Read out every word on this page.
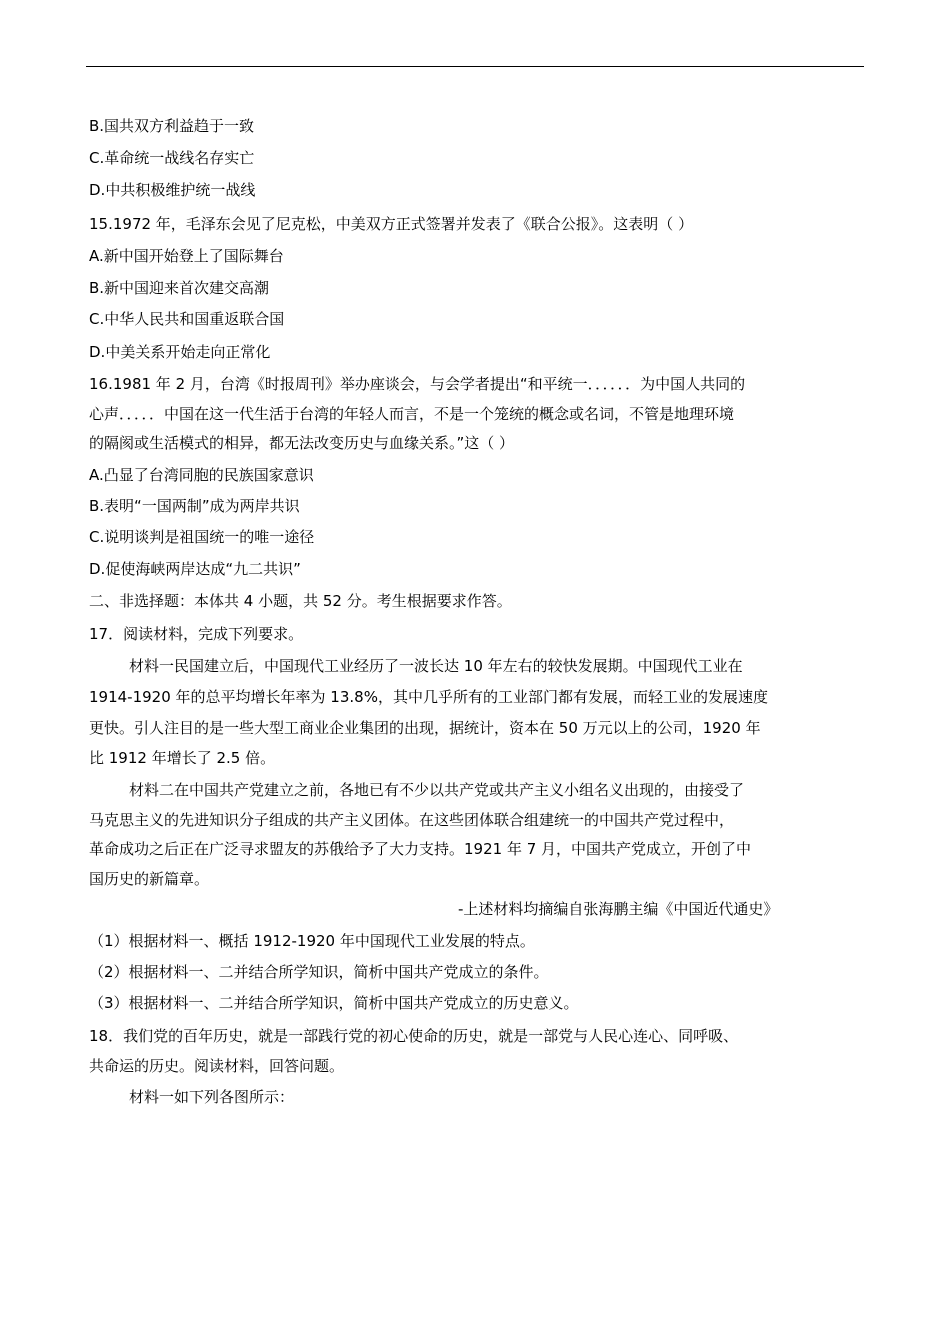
B.国共双方利益趋于一致
C.革命统一战线名存实亡
D.中共积极维护统一战线
15.1972 年，毛泽东会见了尼克松，中美双方正式签署并发表了《联合公报》。这表明（ ）
A.新中国开始登上了国际舞台
B.新中国迎来首次建交高潮
C.中华人民共和国重返联合国
D.中美关系开始走向正常化
16.1981 年 2 月，台湾《时报周刊》举办座谈会，与会学者提出“和平统一．．．．．．为中国人共同的
心声．．．．．中国在这一代生活于台湾的年轻人而言，不是一个笼统的概念或名词，不管是地理环境
的隔阂或生活模式的相异，都无法改变历史与血缘关系。”这（ ）
A.凸显了台湾同胞的民族国家意识
B.表明“一国两制”成为两岸共识
C.说明谈判是祖国统一的唯一途径
D.促使海峡两岸达成“九二共识”
二、非选择题：本体共 4 小题，共 52 分。考生根据要求作答。
17．阅读材料，完成下列要求。
材料一民国建立后，中国现代工业经历了一波长达 10 年左右的较快发展期。中国现代工业在
1914-1920 年的总平均增长年率为 13.8%，其中几乎所有的工业部门都有发展，而轻工业的发展速度
更快。引人注目的是一些大型工商业企业集团的出现，据统计，资本在 50 万元以上的公司，1920 年
比 1912 年增长了 2.5 倍。
材料二在中国共产党建立之前，各地已有不少以共产党或共产主义小组名义出现的，由接受了
马克思主义的先进知识分子组成的共产主义团体。在这些团体联合组建统一的中国共产党过程中，
革命成功之后正在广泛寻求盟友的苏俄给予了大力支持。1921 年 7 月，中国共产党成立，开创了中
国历史的新篇章。
-上述材料均摘编自张海鹏主编《中国近代通史》
（1）根据材料一、概括 1912-1920 年中国现代工业发展的特点。
（2）根据材料一、二并结合所学知识，简析中国共产党成立的条件。
（3）根据材料一、二并结合所学知识，简析中国共产党成立的历史意义。
18．我们党的百年历史，就是一部践行党的初心使命的历史，就是一部党与人民心连心、同呼吸、
共命运的历史。阅读材料，回答问题。
材料一如下列各图所示：
